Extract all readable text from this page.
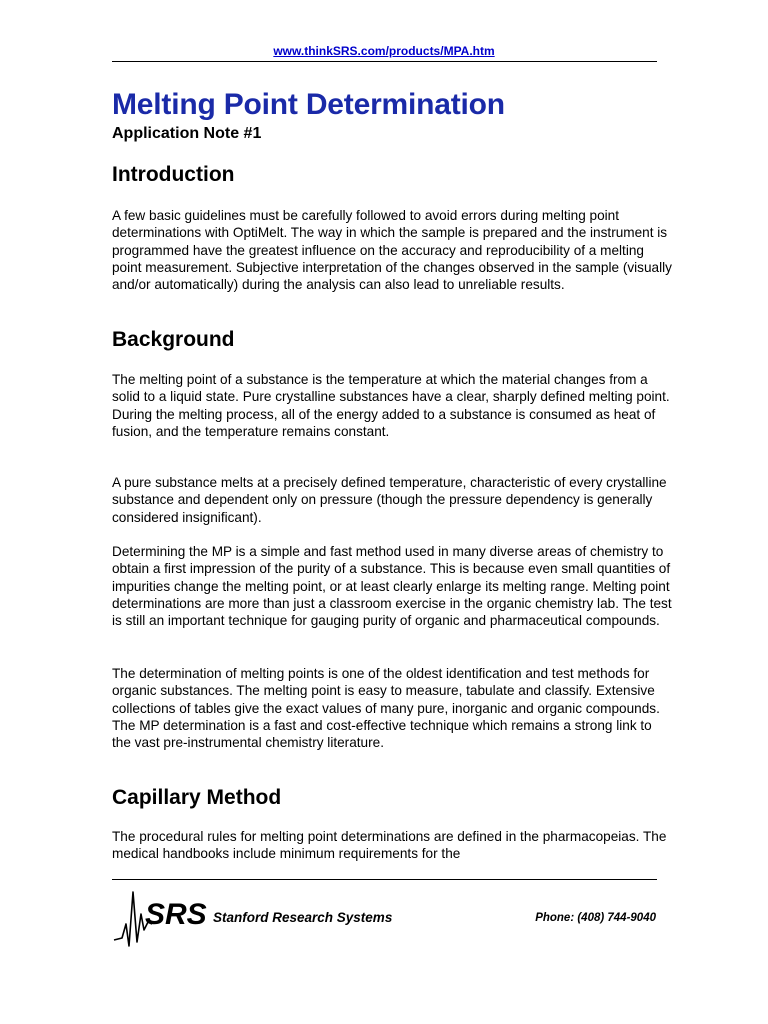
www.thinkSRS.com/products/MPA.htm
Melting Point Determination
Application Note #1
Introduction

A few basic guidelines must be carefully followed to avoid errors during melting point determinations with OptiMelt. The way in which the sample is prepared and the instrument is programmed have the greatest influence on the accuracy and reproducibility of a melting point measurement. Subjective interpretation of the changes observed in the sample (visually and/or automatically) during the analysis can also lead to unreliable results.

Background

The melting point of a substance is the temperature at which the material changes from a solid to a liquid state. Pure crystalline substances have a clear, sharply defined melting point. During the melting process, all of the energy added to a substance is consumed as heat of fusion, and the temperature remains constant.

A pure substance melts at a precisely defined temperature, characteristic of every crystalline substance and dependent only on pressure (though the pressure dependency is generally considered insignificant).

Determining the MP is a simple and fast method used in many diverse areas of chemistry to obtain a first impression of the purity of a substance. This is because even small quantities of impurities change the melting point, or at least clearly enlarge its melting range. Melting point determinations are more than just a classroom exercise in the organic chemistry lab. The test is still an important technique for gauging purity of organic and pharmaceutical compounds.

The determination of melting points is one of the oldest identification and test methods for organic substances. The melting point is easy to measure, tabulate and classify. Extensive collections of tables give the exact values of many pure, inorganic and organic compounds. The MP determination is a fast and cost-effective technique which remains a strong link to the vast pre-instrumental chemistry literature.

Capillary Method

The procedural rules for melting point determinations are defined in the pharmacopeias. The medical handbooks include minimum requirements for the

SRS Stanford Research Systems	Phone: (408) 744-9040
